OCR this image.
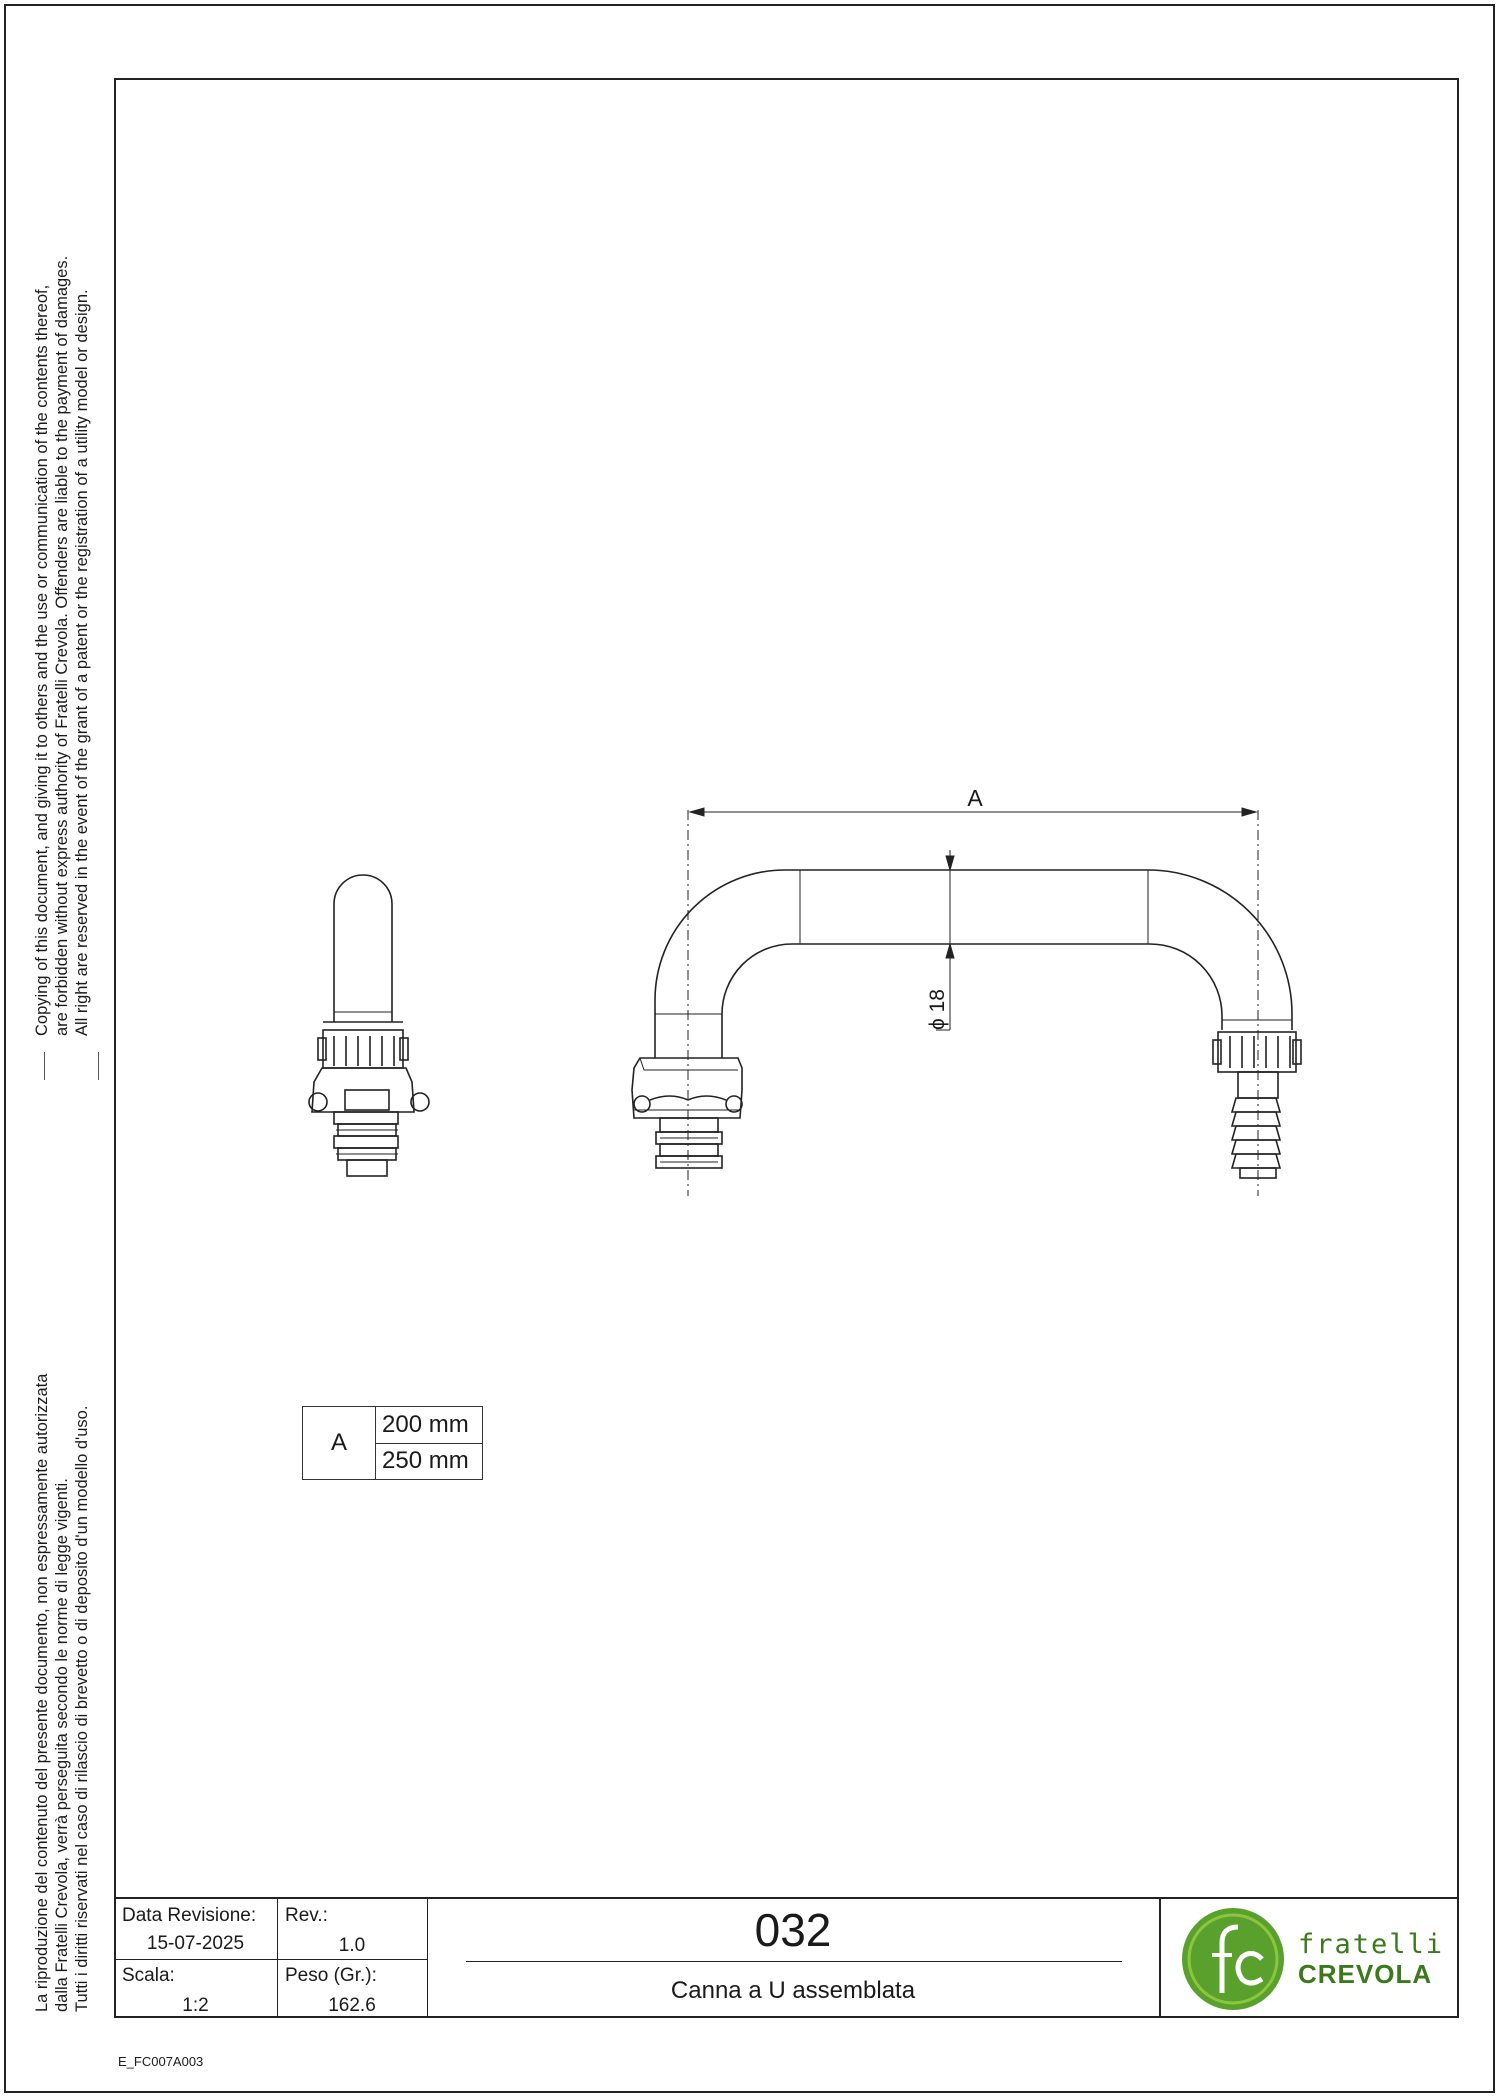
Copying of this document, and giving it to others and the use or communication of the contents thereof, are forbidden without express authority of Fratelli Crevola. Offenders are liable to the payment of damages. All right are reserved in the event of the grant of a patent or the registration of a utility model or design.
La riproduzione del contenuto del presente documento, non espressamente autorizzata dalla Fratelli Crevola, verrà perseguita secondo le norme di legge vigenti. Tutti i diritti riservati nel caso di rilascio di brevetto o di deposito d'un modello d'uso.
A
ϕ 18
A	200 mm
250 mm
Data Revisione:
15-07-2025
Rev.:
1.0
Scala:
1:2
Peso (Gr.):
162.6
032
Canna a U assemblata
fratelli
CREVOLA
E_FC007A003
